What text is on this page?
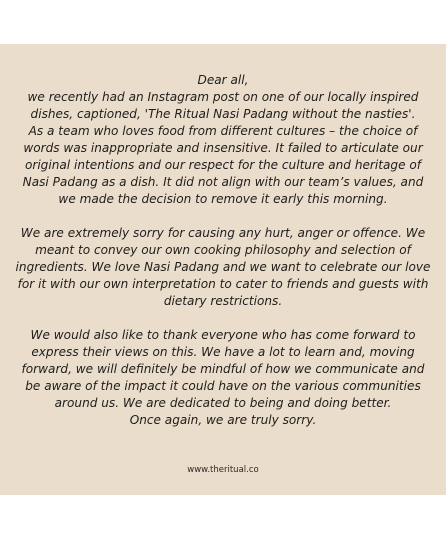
Dear all,
we recently had an Instagram post on one of our locally inspired
dishes, captioned, 'The Ritual Nasi Padang without the nasties'.
As a team who loves food from different cultures – the choice of
words was inappropriate and insensitive. It failed to articulate our
original intentions and our respect for the culture and heritage of
Nasi Padang as a dish. It did not align with our team’s values, and
we made the decision to remove it early this morning.
We are extremely sorry for causing any hurt, anger or offence. We
meant to convey our own cooking philosophy and selection of
ingredients. We love Nasi Padang and we want to celebrate our love
for it with our own interpretation to cater to friends and guests with
dietary restrictions.
We would also like to thank everyone who has come forward to
express their views on this. We have a lot to learn and, moving
forward, we will definitely be mindful of how we communicate and
be aware of the impact it could have on the various communities
around us. We are dedicated to being and doing better.
Once again, we are truly sorry.
www.theritual.co
